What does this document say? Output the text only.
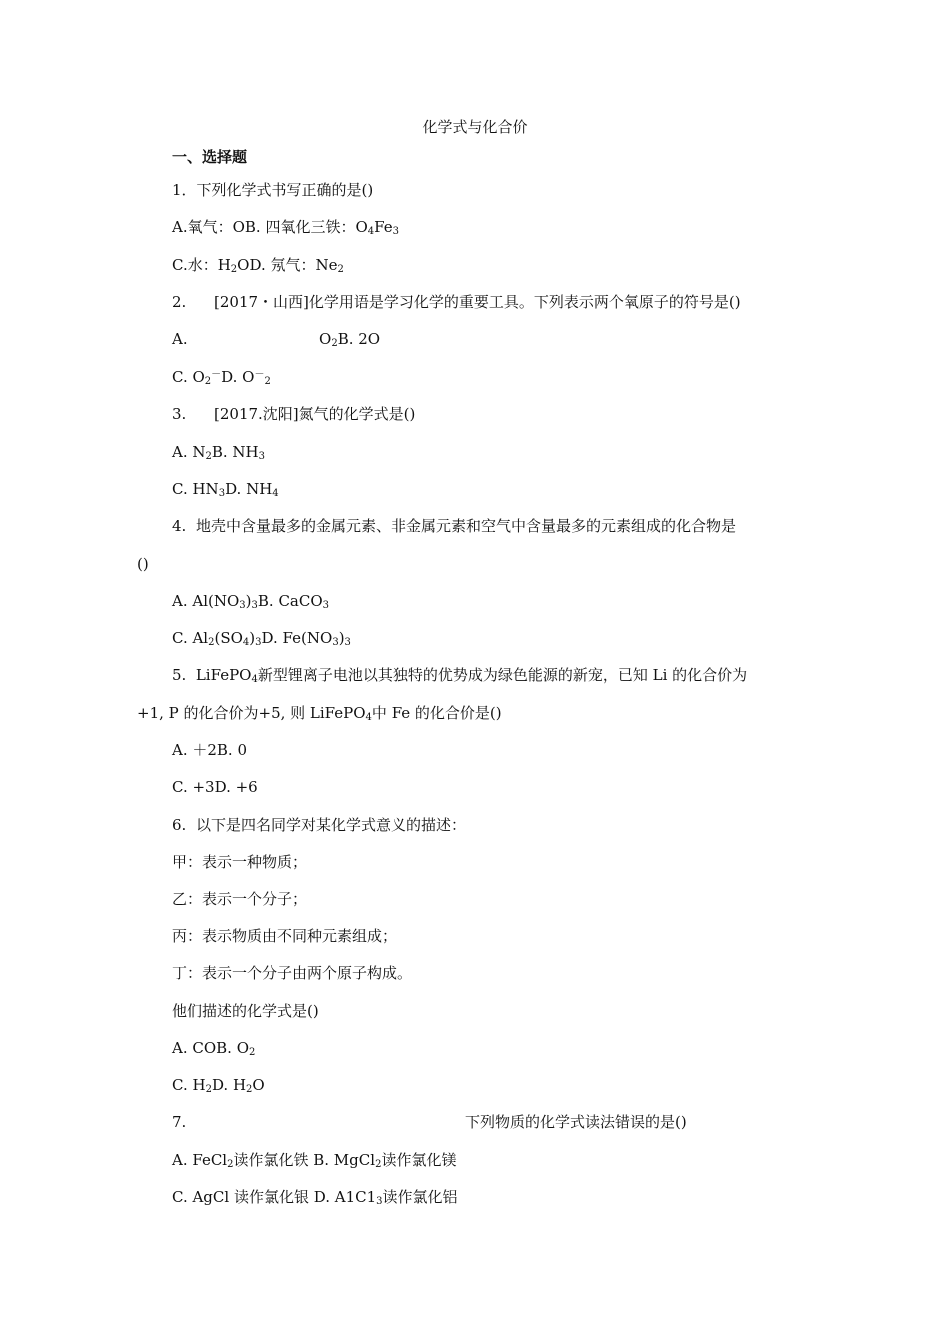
化学式与化合价
一、选择题
1．下列化学式书写正确的是()
A.氧气：OB. 四氧化三铁：$O_4Fe_3$
C.水：$H_2OD$. 氖气：$Ne_2$
2. [2017・山西]化学用语是学习化学的重要工具。下列表示两个氧原子的符号是()
A.	$O_2B$. 2O
C. $O_2^-D$. $O^-_2$
3. [2017.沈阳]氮气的化学式是()
A. $N_2B$. $NH_3$
C. $HN_3D$. $NH_4$
4. 地壳中含量最多的金属元素、非金属元素和空气中含量最多的元素组成的化合物是
()
A. $Al(NO_3)_3B$. CaCO$_3$
C. $Al_2(SO_4)_3D$. $Fe(NO_3)_3$
5.  LiFePO$_4$新型锂离子电池以其独特的优势成为绿色能源的新宠，已知 Li 的化合价为
+1, P 的化合价为+5, 则 LiFePO$_4$中 Fe 的化合价是()
A. ＋2B. 0
C. +3D. +6
6. 以下是四名同学对某化学式意义的描述：
甲：表示一种物质；
乙：表示一个分子；
丙：表示物质由不同种元素组成；
丁：表示一个分子由两个原子构成。
他们描述的化学式是()
A. COB. $O_2$
C. $H_2D$. $H_2O$
7.	下列物质的化学式读法错误的是()
A. FeCl$_2$读作氯化铁 B. MgCl$_2$读作氯化镁
C. AgCl 读作氯化银 D. $A1C1_3$读作氯化铝
